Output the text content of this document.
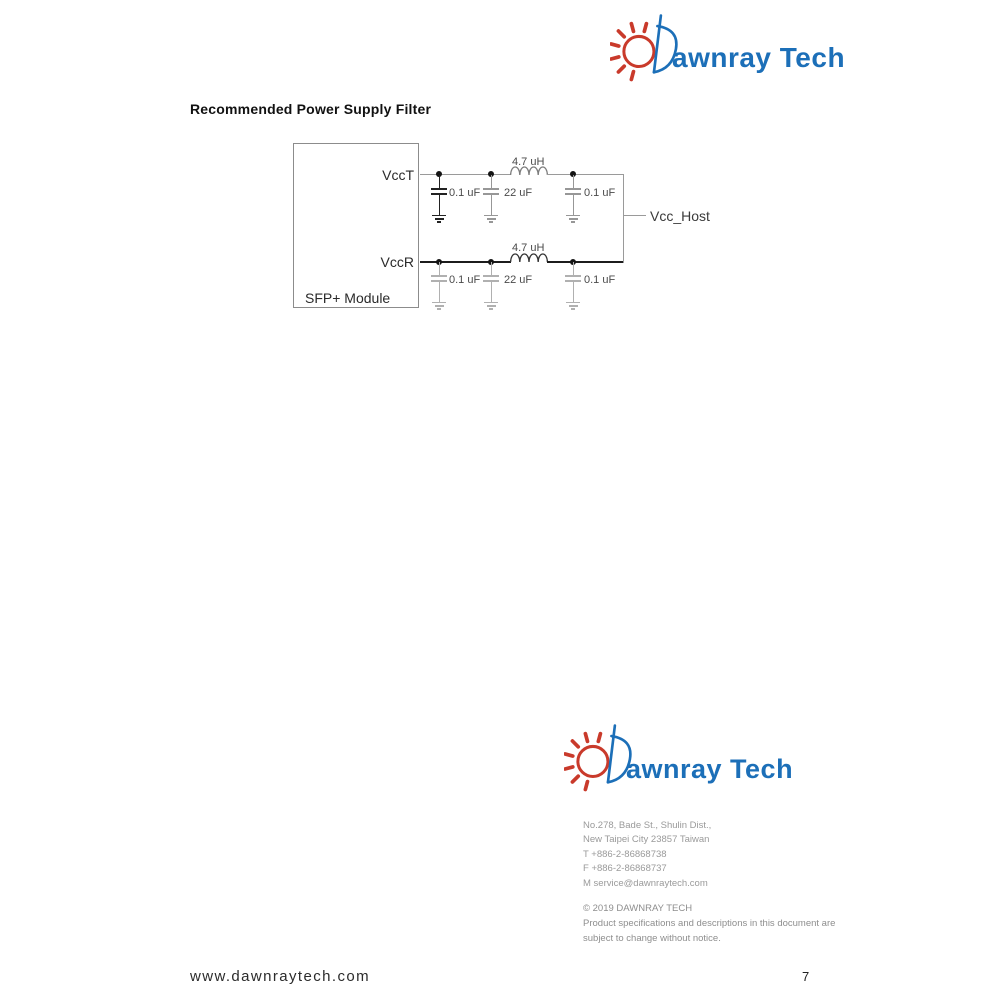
awnray Tech
Recommended Power Supply Filter
VccT
VccR
SFP+ Module
4.7 uH
4.7 uH
Vcc_Host
0.1 uF 22 uF	0.1 uF
0.1 uF 22 uF	0.1 uF
awnray Tech
No.278, Bade St., Shulin Dist.,
New Taipei City 23857 Taiwan
T +886-2-86868738
F +886-2-86868737
M service@dawnraytech.com
© 2019 DAWNRAY TECH
Product specifications and descriptions in this document are
subject to change without notice.
www.dawnraytech.com	7
